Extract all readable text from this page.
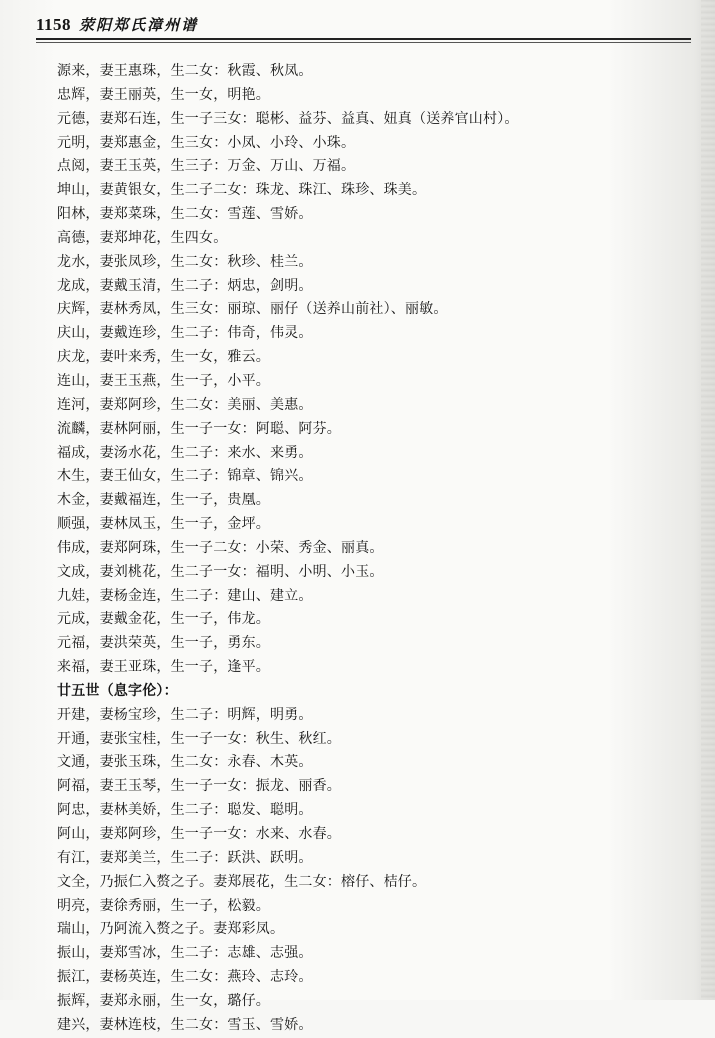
1158 荥阳郑氏漳州谱
源来，妻王惠珠，生二女：秋霞、秋凤。
忠辉，妻王丽英，生一女，明艳。
元德，妻郑石连，生一子三女：聪彬、益芬、益真、妞真（送养官山村）。
元明，妻郑惠金，生三女：小凤、小玲、小珠。
点阅，妻王玉英，生三子：万金、万山、万福。
坤山，妻黄银女，生二子二女：珠龙、珠江、珠珍、珠美。
阳林，妻郑菜珠，生二女：雪莲、雪娇。
高德，妻郑坤花，生四女。
龙水，妻张凤珍，生二女：秋珍、桂兰。
龙成，妻戴玉清，生二子：炳忠，剑明。
庆辉，妻林秀凤，生三女：丽琼、丽仔（送养山前社）、丽敏。
庆山，妻戴连珍，生二子：伟奇，伟灵。
庆龙，妻叶来秀，生一女，雅云。
连山，妻王玉燕，生一子，小平。
连河，妻郑阿珍，生二女：美丽、美惠。
流麟，妻林阿丽，生一子一女：阿聪、阿芬。
福成，妻汤水花，生二子：来水、来勇。
木生，妻王仙女，生二子：锦章、锦兴。
木金，妻戴福连，生一子，贵凰。
顺强，妻林凤玉，生一子，金坪。
伟成，妻郑阿珠，生一子二女：小荣、秀金、丽真。
文成，妻刘桃花，生二子一女：福明、小明、小玉。
九娃，妻杨金连，生二子：建山、建立。
元成，妻戴金花，生一子，伟龙。
元福，妻洪荣英，生一子，勇东。
来福，妻王亚珠，生一子，逢平。
廿五世（息字伦）：
开建，妻杨宝珍，生二子：明辉，明勇。
开通，妻张宝桂，生一子一女：秋生、秋红。
文通，妻张玉珠，生二女：永春、木英。
阿福，妻王玉琴，生一子一女：振龙、丽香。
阿忠，妻林美娇，生二子：聪发、聪明。
阿山，妻郑阿珍，生一子一女：水来、水春。
有江，妻郑美兰，生二子：跃洪、跃明。
文全，乃振仁入赘之子。妻郑展花，生二女：榕仔、桔仔。
明亮，妻徐秀丽，生一子，松毅。
瑞山，乃阿流入赘之子。妻郑彩凤。
振山，妻郑雪冰，生二子：志雄、志强。
振江，妻杨英连，生二女：燕玲、志玲。
振辉，妻郑永丽，生一女，璐仔。
建兴，妻林连枝，生二女：雪玉、雪娇。
